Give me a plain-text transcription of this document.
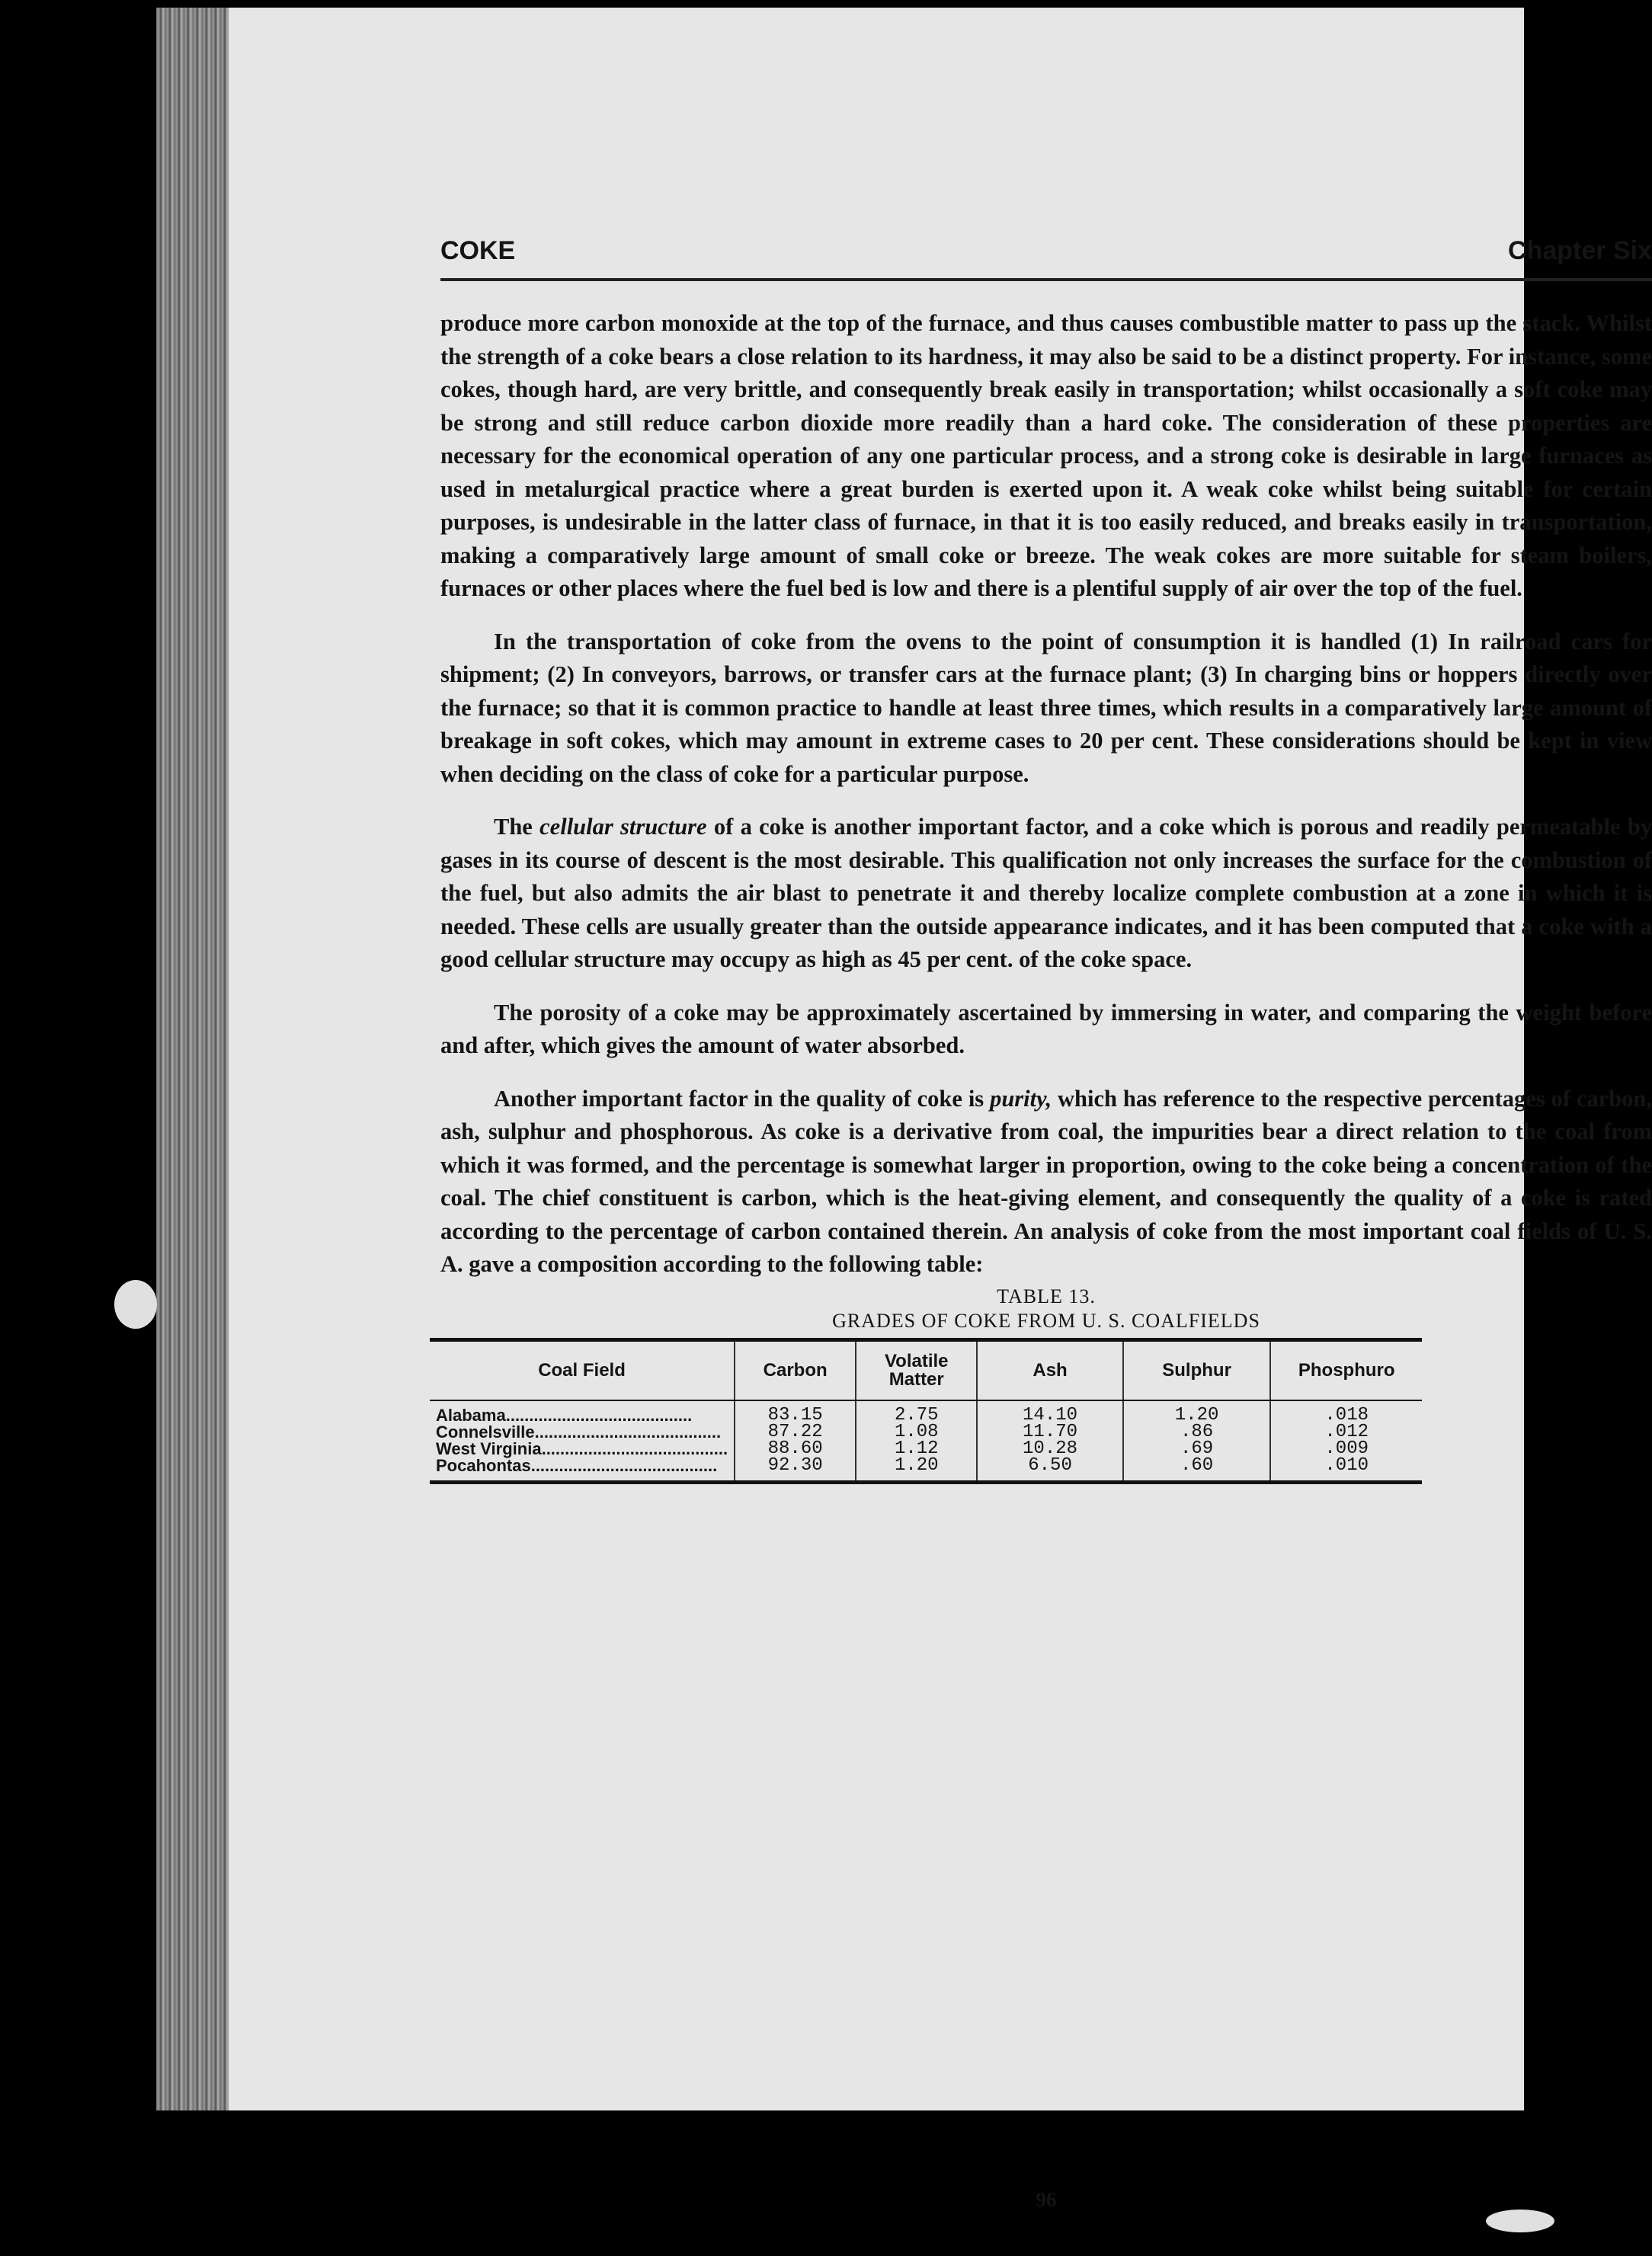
COKE	Chapter Six

produce more carbon monoxide at the top of the furnace, and thus causes combustible matter to pass up the stack. Whilst the strength of a coke bears a close relation to its hardness, it may also be said to be a distinct property. For instance, some cokes, though hard, are very brittle, and consequently break easily in transportation; whilst occasionally a soft coke may be strong and still reduce carbon dioxide more readily than a hard coke. The consideration of these properties are necessary for the economical operation of any one particular process, and a strong coke is desirable in large furnaces as used in metalurgical practice where a great burden is exerted upon it. A weak coke whilst being suitable for certain purposes, is undesirable in the latter class of furnace, in that it is too easily reduced, and breaks easily in transportation, making a comparatively large amount of small coke or breeze. The weak cokes are more suitable for steam boilers, furnaces or other places where the fuel bed is low and there is a plentiful supply of air over the top of the fuel.

In the transportation of coke from the ovens to the point of consumption it is handled (1) In railroad cars for shipment; (2) In conveyors, barrows, or transfer cars at the furnace plant; (3) In charging bins or hoppers directly over the furnace; so that it is common practice to handle at least three times, which results in a comparatively large amount of breakage in soft cokes, which may amount in extreme cases to 20 per cent. These considerations should be kept in view when deciding on the class of coke for a particular purpose.

The cellular structure of a coke is another important factor, and a coke which is porous and readily permeatable by gases in its course of descent is the most desirable. This qualification not only increases the surface for the combustion of the fuel, but also admits the air blast to penetrate it and thereby localize complete combustion at a zone in which it is needed. These cells are usually greater than the outside appearance indicates, and it has been computed that a coke with a good cellular structure may occupy as high as 45 per cent. of the coke space.

The porosity of a coke may be approximately ascertained by immersing in water, and comparing the weight before and after, which gives the amount of water absorbed.

Another important factor in the quality of coke is purity, which has reference to the respective percentages of carbon, ash, sulphur and phosphorous. As coke is a derivative from coal, the impurities bear a direct relation to the coal from which it was formed, and the percentage is somewhat larger in proportion, owing to the coke being a concentration of the coal. The chief constituent is carbon, which is the heat-giving element, and consequently the quality of a coke is rated according to the percentage of carbon contained therein. An analysis of coke from the most important coal fields of U. S. A. gave a composition according to the following table:

TABLE 13.
GRADES OF COKE FROM U. S. COALFIELDS
Coal Field	Carbon	Volatile Matter	Ash	Sulphur	Phosphuro
Alabama........................................	83.15	2.75	14.10	1.20	.018
Connelsville........................................	87.22	1.08	11.70	.86	.012
West Virginia........................................	88.60	1.12	10.28	.69	.009
Pocahontas........................................	92.30	1.20	6.50	.60	.010
96
